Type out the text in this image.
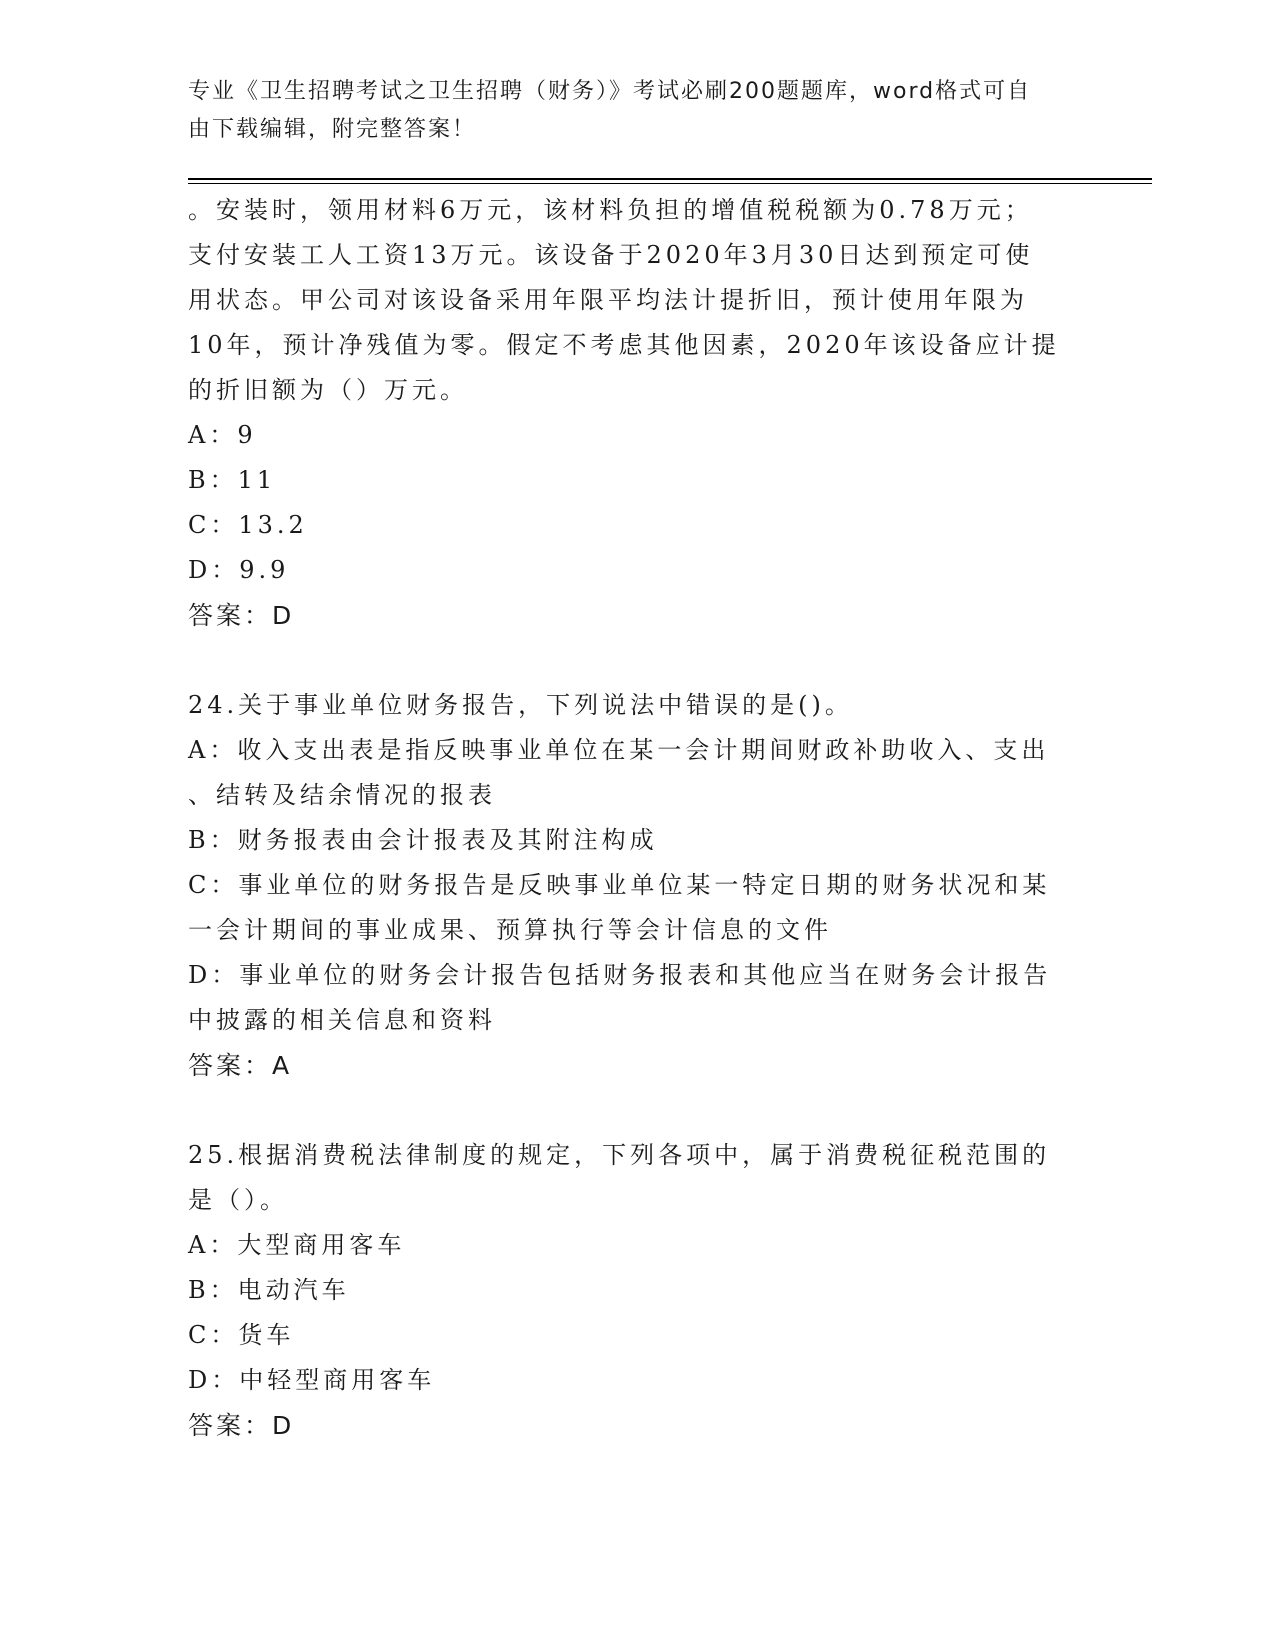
专业《卫生招聘考试之卫生招聘（财务）》考试必刷200题题库，word格式可自
由下载编辑，附完整答案！

。安装时，领用材料6万元，该材料负担的增值税税额为0.78万元；

支付安装工人工资13万元。该设备于2020年3月30日达到预定可使

用状态。甲公司对该设备采用年限平均法计提折旧，预计使用年限为

10年，预计净残值为零。假定不考虑其他因素，2020年该设备应计提

的折旧额为（）万元。

A：9

B：11

C：13.2

D：9.9

答案：D

24.关于事业单位财务报告，下列说法中错误的是()。

A：收入支出表是指反映事业单位在某一会计期间财政补助收入、支出

、结转及结余情况的报表

B：财务报表由会计报表及其附注构成

C：事业单位的财务报告是反映事业单位某一特定日期的财务状况和某

一会计期间的事业成果、预算执行等会计信息的文件

D：事业单位的财务会计报告包括财务报表和其他应当在财务会计报告

中披露的相关信息和资料

答案：A

25.根据消费税法律制度的规定，下列各项中，属于消费税征税范围的

是（）。

A：大型商用客车

B：电动汽车

C：货车

D：中轻型商用客车

答案：D
